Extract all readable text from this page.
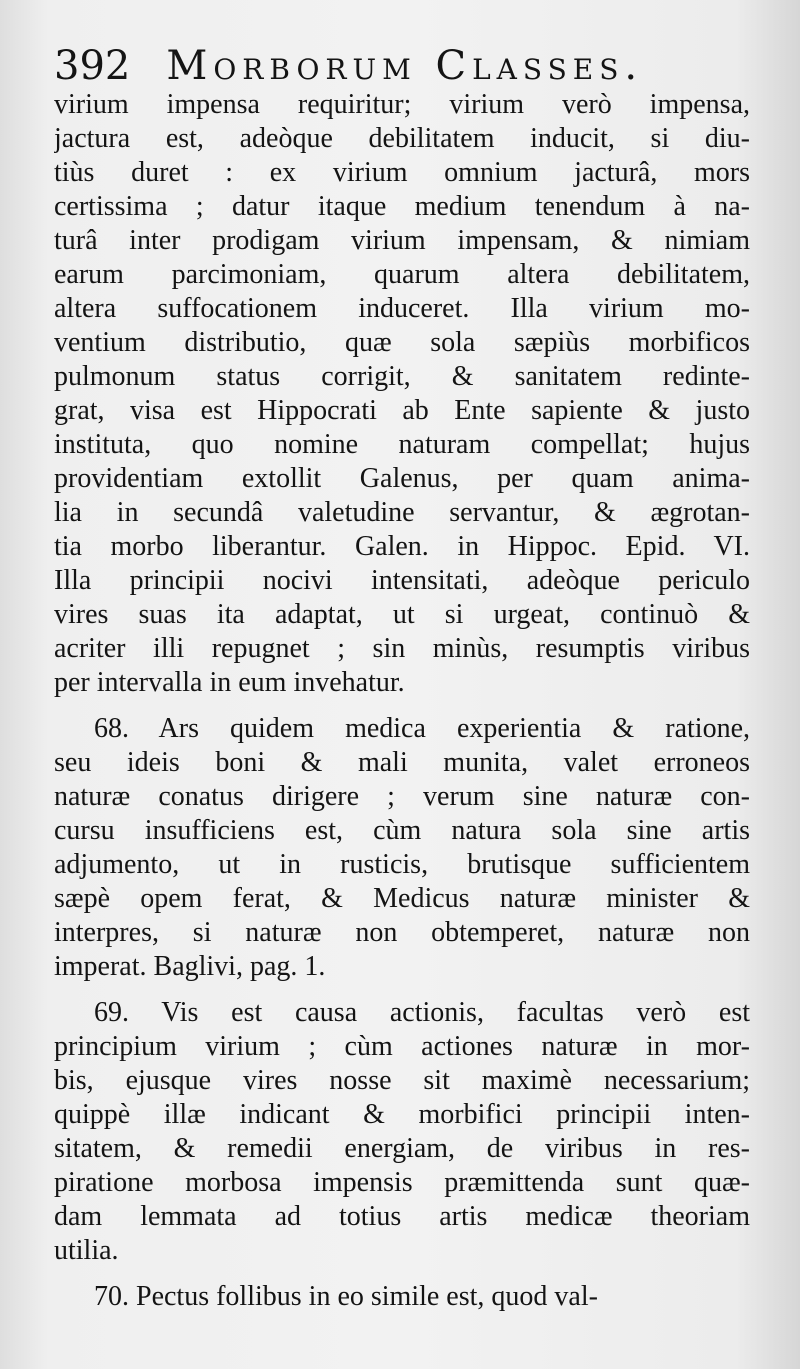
392 Morborum Classes.
virium impensa requiritur; virium verò impensa,
jactura est, adeòque debilitatem inducit, si diu-
tiùs duret : ex virium omnium jacturâ, mors
certissima ; datur itaque medium tenendum à na-
turâ inter prodigam virium impensam, & nimiam
earum parcimoniam, quarum altera debilitatem,
altera suffocationem induceret. Illa virium mo-
ventium distributio, quæ sola sæpiùs morbificos
pulmonum status corrigit, & sanitatem redinte-
grat, visa est Hippocrati ab Ente sapiente & justo
instituta, quo nomine naturam compellat; hujus
providentiam extollit Galenus, per quam anima-
lia in secundâ valetudine servantur, & ægrotan-
tia morbo liberantur. Galen. in Hippoc. Epid. VI.
Illa principii nocivi intensitati, adeòque periculo
vires suas ita adaptat, ut si urgeat, continuò &
acriter illi repugnet ; sin minùs, resumptis viribus
per intervalla in eum invehatur.
68. Ars quidem medica experientia & ratione,
seu ideis boni & mali munita, valet erroneos
naturæ conatus dirigere ; verum sine naturæ con-
cursu insufficiens est, cùm natura sola sine artis
adjumento, ut in rusticis, brutisque sufficientem
sæpè opem ferat, & Medicus naturæ minister &
interpres, si naturæ non obtemperet, naturæ non
imperat. Baglivi, pag. 1.
69. Vis est causa actionis, facultas verò est
principium virium ; cùm actiones naturæ in mor-
bis, ejusque vires nosse sit maximè necessarium;
quippè illæ indicant & morbifici principii inten-
sitatem, & remedii energiam, de viribus in res-
piratione morbosa impensis præmittenda sunt quæ-
dam lemmata ad totius artis medicæ theoriam
utilia.
70. Pectus follibus in eo simile est, quod val-
